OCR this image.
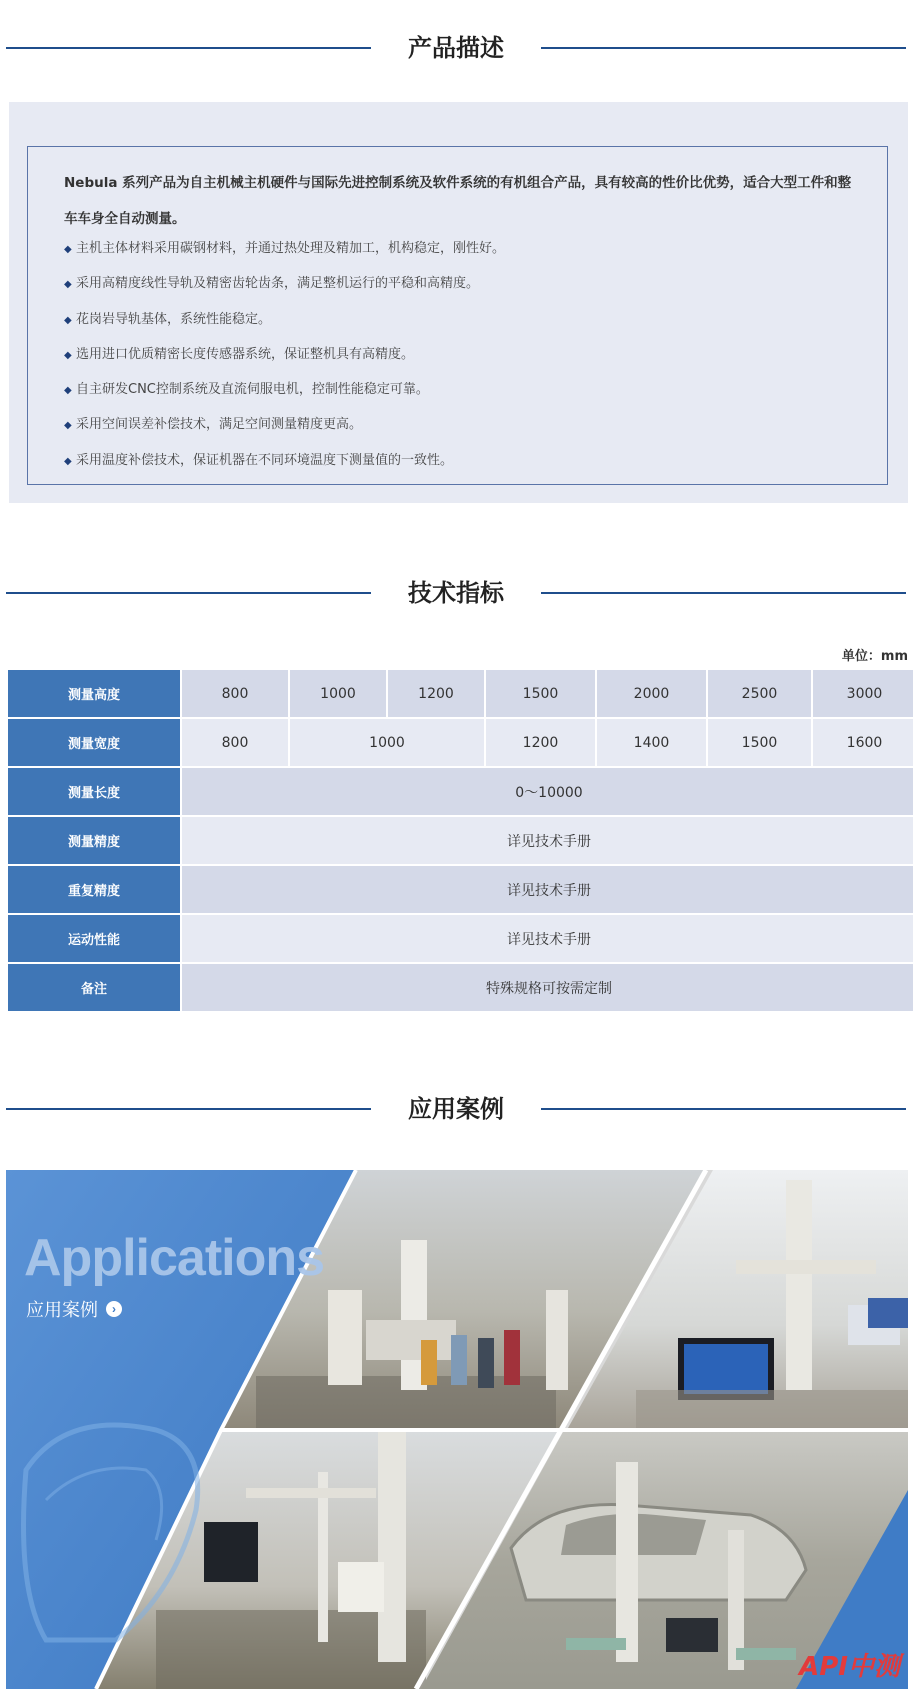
产品描述
Nebula 系列产品为自主机械主机硬件与国际先进控制系统及软件系统的有机组合产品，具有较高的性价比优势，适合大型工件和整车车身全自动测量。
◆ 主机主体材料采用碳钢材料，并通过热处理及精加工，机构稳定，刚性好。
◆ 采用高精度线性导轨及精密齿轮齿条，满足整机运行的平稳和高精度。
◆ 花岗岩导轨基体，系统性能稳定。
◆ 选用进口优质精密长度传感器系统，保证整机具有高精度。
◆ 自主研发CNC控制系统及直流伺服电机，控制性能稳定可靠。
◆ 采用空间误差补偿技术，满足空间测量精度更高。
◆ 采用温度补偿技术，保证机器在不同环境温度下测量值的一致性。
技术指标
单位：mm
测量高度	800	1000	1200	1500	2000	2500	3000
测量宽度	800	1000		1200	1400	1500	1600
测量长度	0～10000						
测量精度	详见技术手册						
重复精度	详见技术手册						
运动性能	详见技术手册						
备注	特殊规格可按需定制						
应用案例
Applications
应用案例	›
API中测
